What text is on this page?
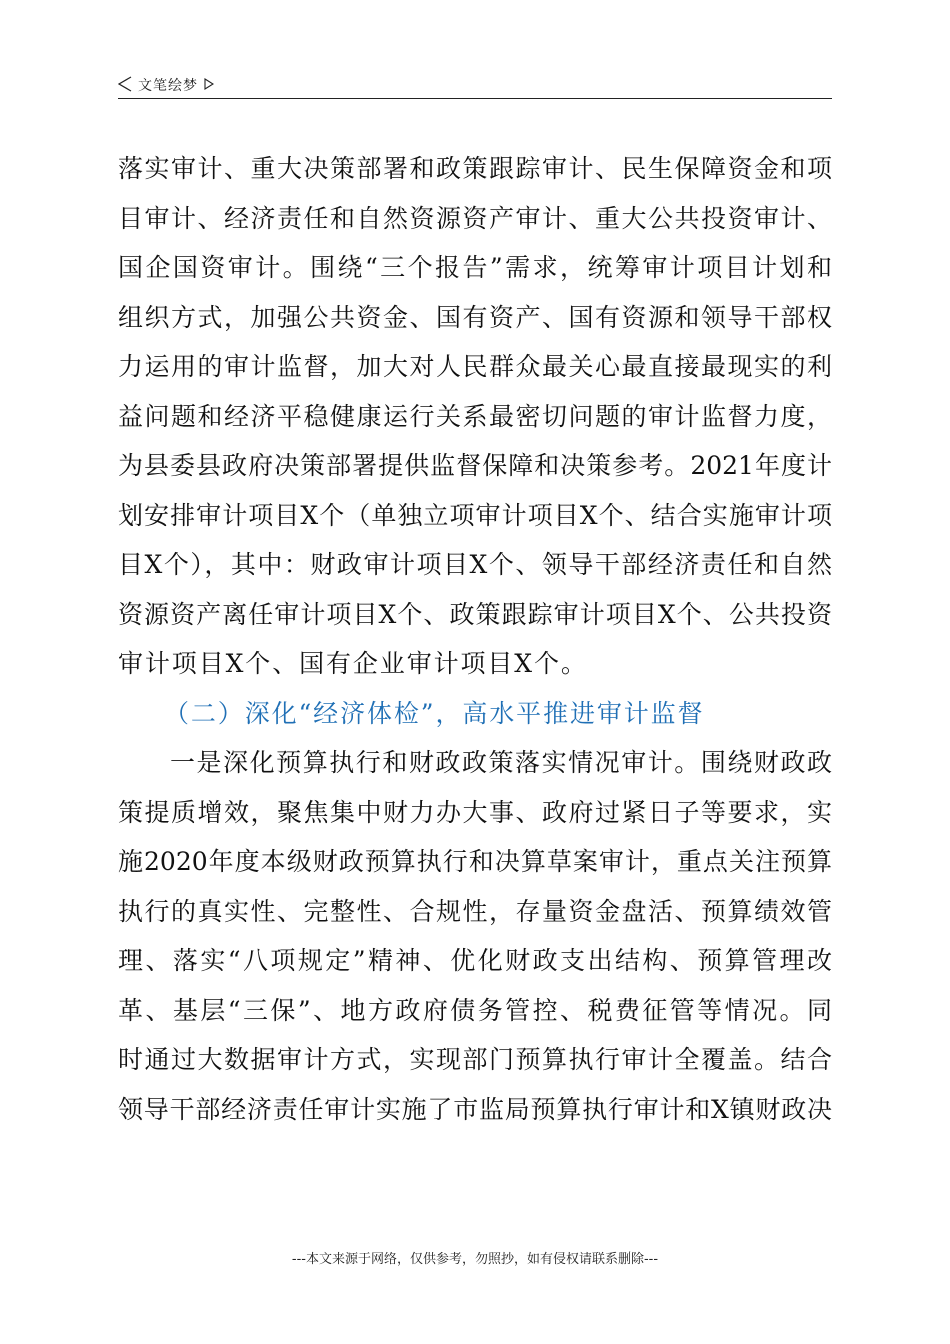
文笔绘梦
落实审计、重大决策部署和政策跟踪审计、民生保障资金和项
目审计、经济责任和自然资源资产审计、重大公共投资审计、
国企国资审计。围绕“三个报告”需求，统筹审计项目计划和
组织方式，加强公共资金、国有资产、国有资源和领导干部权
力运用的审计监督，加大对人民群众最关心最直接最现实的利
益问题和经济平稳健康运行关系最密切问题的审计监督力度，
为县委县政府决策部署提供监督保障和决策参考。2021年度计
划安排审计项目X个（单独立项审计项目X个、结合实施审计项
目X个），其中：财政审计项目X个、领导干部经济责任和自然
资源资产离任审计项目X个、政策跟踪审计项目X个、公共投资
审计项目X个、国有企业审计项目X个。
（二）深化“经济体检”，高水平推进审计监督
一是深化预算执行和财政政策落实情况审计。围绕财政政
策提质增效，聚焦集中财力办大事、政府过紧日子等要求，实
施2020年度本级财政预算执行和决算草案审计，重点关注预算
执行的真实性、完整性、合规性，存量资金盘活、预算绩效管
理、落实“八项规定”精神、优化财政支出结构、预算管理改
革、基层“三保”、地方政府债务管控、税费征管等情况。同
时通过大数据审计方式，实现部门预算执行审计全覆盖。结合
领导干部经济责任审计实施了市监局预算执行审计和X镇财政决
---本文来源于网络，仅供参考，勿照抄，如有侵权请联系删除---
